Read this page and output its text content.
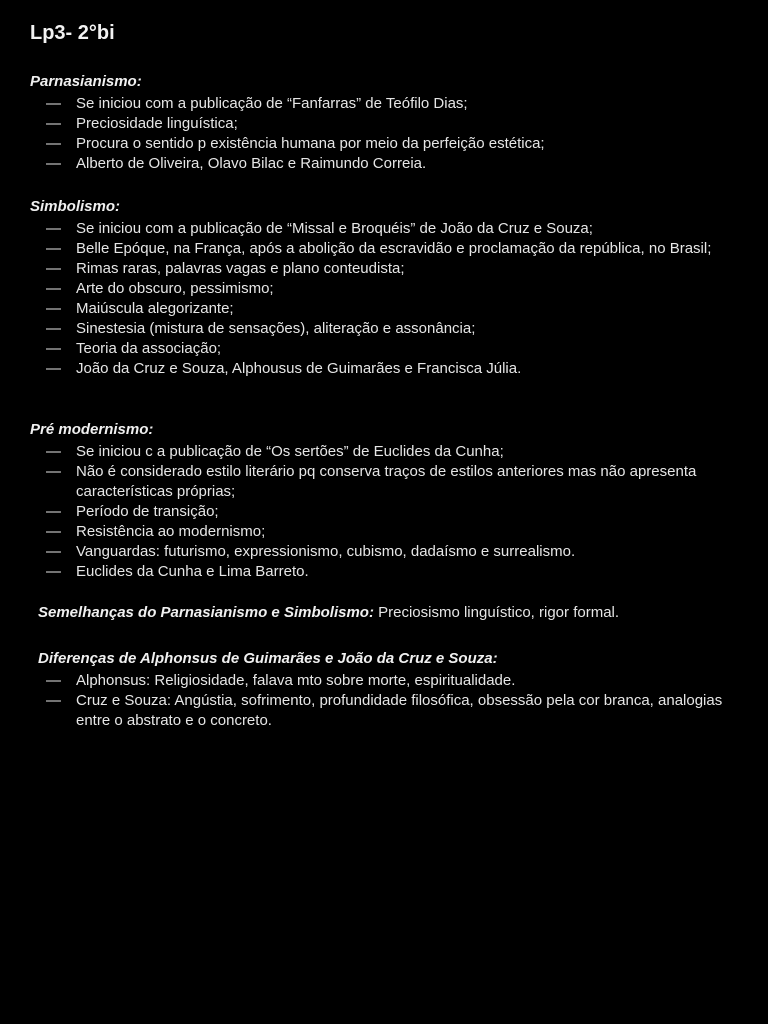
Lp3- 2°bi
Parnasianismo:
— Se iniciou com a publicação de “Fanfarras” de Teófilo Dias;
— Preciosidade linguística;
— Procura o sentido p existência humana por meio da perfeição estética;
— Alberto de Oliveira, Olavo Bilac e Raimundo Correia.
Simbolismo:
— Se iniciou com a publicação de “Missal e Broquéis” de João da Cruz e Souza;
— Belle Epóque, na França, após a abolição da escravidão e proclamação da república, no Brasil;
— Rimas raras, palavras vagas e plano conteudista;
— Arte do obscuro, pessimismo;
— Maiúscula alegorizante;
— Sinestesia (mistura de sensações), aliteração e assonância;
— Teoria da associação;
— João da Cruz e Souza, Alphousus de Guimarães e Francisca Júlia.
Pré modernismo:
— Se iniciou c a publicação de “Os sertões” de Euclides da Cunha;
— Não é considerado estilo literário pq conserva traços de estilos anteriores mas não apresenta características próprias;
— Período de transição;
— Resistência ao modernismo;
— Vanguardas: futurismo, expressionismo, cubismo, dadaísmo e surrealismo.
— Euclides da Cunha e Lima Barreto.
Semelhanças do Parnasianismo e Simbolismo: Preciosismo linguístico, rigor formal.
Diferenças de Alphonsus de Guimarães e João da Cruz e Souza:
— Alphonsus: Religiosidade, falava mto sobre morte, espiritualidade.
— Cruz e Souza: Angústia, sofrimento, profundidade filosófica, obsessão pela cor branca, analogias entre o abstrato e o concreto.
